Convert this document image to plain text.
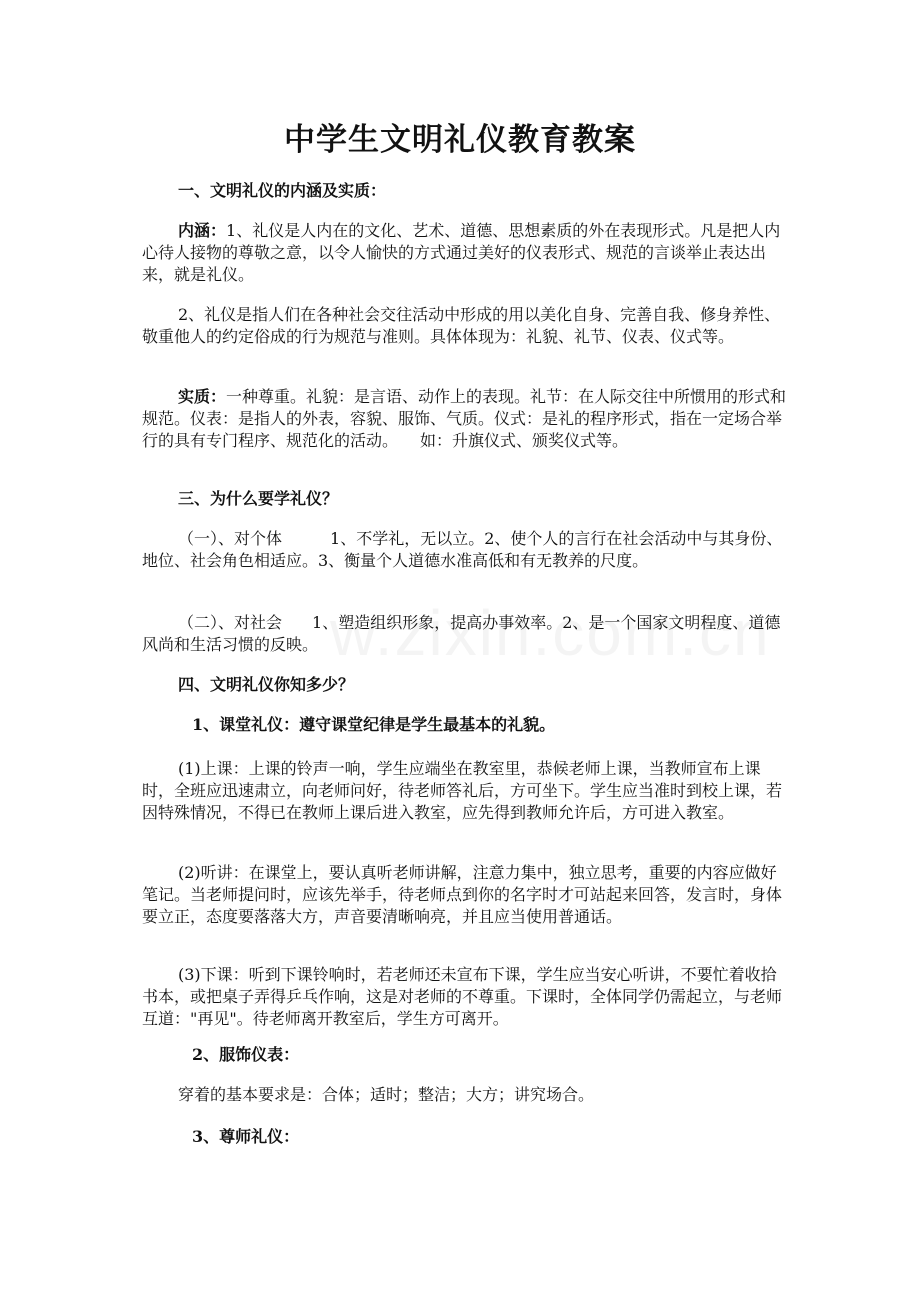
中学生文明礼仪教育教案
一、文明礼仪的内涵及实质：
内涵：1、礼仪是人内在的文化、艺术、道德、思想素质的外在表现形式。凡是把人内心待人接物的尊敬之意，以令人愉快的方式通过美好的仪表形式、规范的言谈举止表达出来，就是礼仪。
2、礼仪是指人们在各种社会交往活动中形成的用以美化自身、完善自我、修身养性、敬重他人的约定俗成的行为规范与准则。具体体现为：礼貌、礼节、仪表、仪式等。
实质：一种尊重。礼貌：是言语、动作上的表现。礼节：在人际交往中所惯用的形式和规范。仪表：是指人的外表，容貌、服饰、气质。仪式：是礼的程序形式，指在一定场合举行的具有专门程序、规范化的活动。 如：升旗仪式、颁奖仪式等。
三、为什么要学礼仪？
（一）、对个体	1、不学礼，无以立。2、使个人的言行在社会活动中与其身份、地位、社会角色相适应。3、衡量个人道德水准高低和有无教养的尺度。
（二）、对社会 1、塑造组织形象，提高办事效率。2、是一个国家文明程度、道德风尚和生活习惯的反映。
四、文明礼仪你知多少？
1、课堂礼仪：遵守课堂纪律是学生最基本的礼貌。
(1)上课：上课的铃声一响，学生应端坐在教室里，恭候老师上课，当教师宣布上课时，全班应迅速肃立，向老师问好，待老师答礼后，方可坐下。学生应当准时到校上课，若因特殊情况，不得已在教师上课后进入教室，应先得到教师允许后，方可进入教室。
(2)听讲：在课堂上，要认真听老师讲解，注意力集中，独立思考，重要的内容应做好笔记。当老师提问时，应该先举手，待老师点到你的名字时才可站起来回答，发言时，身体要立正，态度要落落大方，声音要清晰响亮，并且应当使用普通话。
(3)下课：听到下课铃响时，若老师还未宣布下课，学生应当安心听讲，不要忙着收拾书本，或把桌子弄得乒乓作响，这是对老师的不尊重。下课时，全体同学仍需起立，与老师互道："再见"。待老师离开教室后，学生方可离开。
2、服饰仪表：
穿着的基本要求是：合体；适时；整洁；大方；讲究场合。
3、尊师礼仪：
